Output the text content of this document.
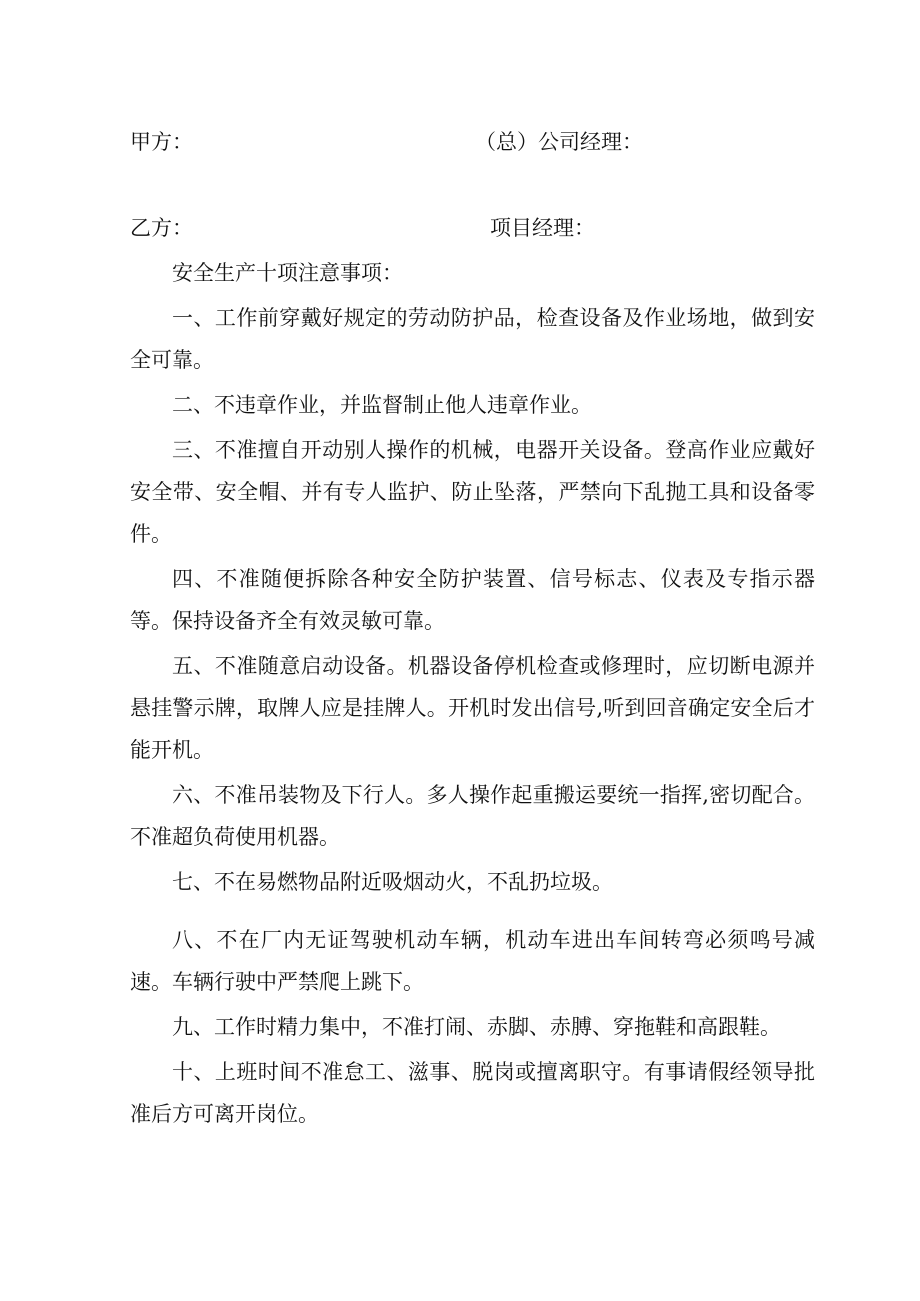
甲方：	（总）公司经理：
乙方：	项目经理：

安全生产十项注意事项：

一、工作前穿戴好规定的劳动防护品，检查设备及作业场地，做到安全可靠。

二、不违章作业，并监督制止他人违章作业。

三、不准擅自开动别人操作的机械，电器开关设备。登高作业应戴好安全带、安全帽、并有专人监护、防止坠落，严禁向下乱抛工具和设备零件。

四、不准随便拆除各种安全防护装置、信号标志、仪表及专指示器等。保持设备齐全有效灵敏可靠。

五、不准随意启动设备。机器设备停机检查或修理时，应切断电源并悬挂警示牌，取牌人应是挂牌人。开机时发出信号,听到回音确定安全后才能开机。

六、不准吊装物及下行人。多人操作起重搬运要统一指挥,密切配合。不准超负荷使用机器。

七、不在易燃物品附近吸烟动火，不乱扔垃圾。

八、不在厂内无证驾驶机动车辆，机动车进出车间转弯必须鸣号减速。车辆行驶中严禁爬上跳下。

九、工作时精力集中，不准打闹、赤脚、赤膊、穿拖鞋和高跟鞋。

十、上班时间不准怠工、滋事、脱岗或擅离职守。有事请假经领导批准后方可离开岗位。
